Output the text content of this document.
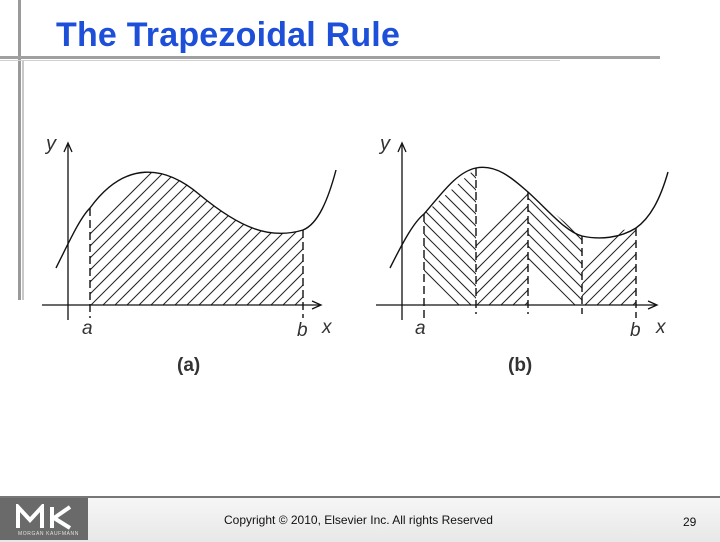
The Trapezoidal Rule
y
a	b x
(a)
y
a	b x
(b)
MORGAN KAUFMANN
Copyright © 2010, Elsevier Inc. All rights Reserved	29
